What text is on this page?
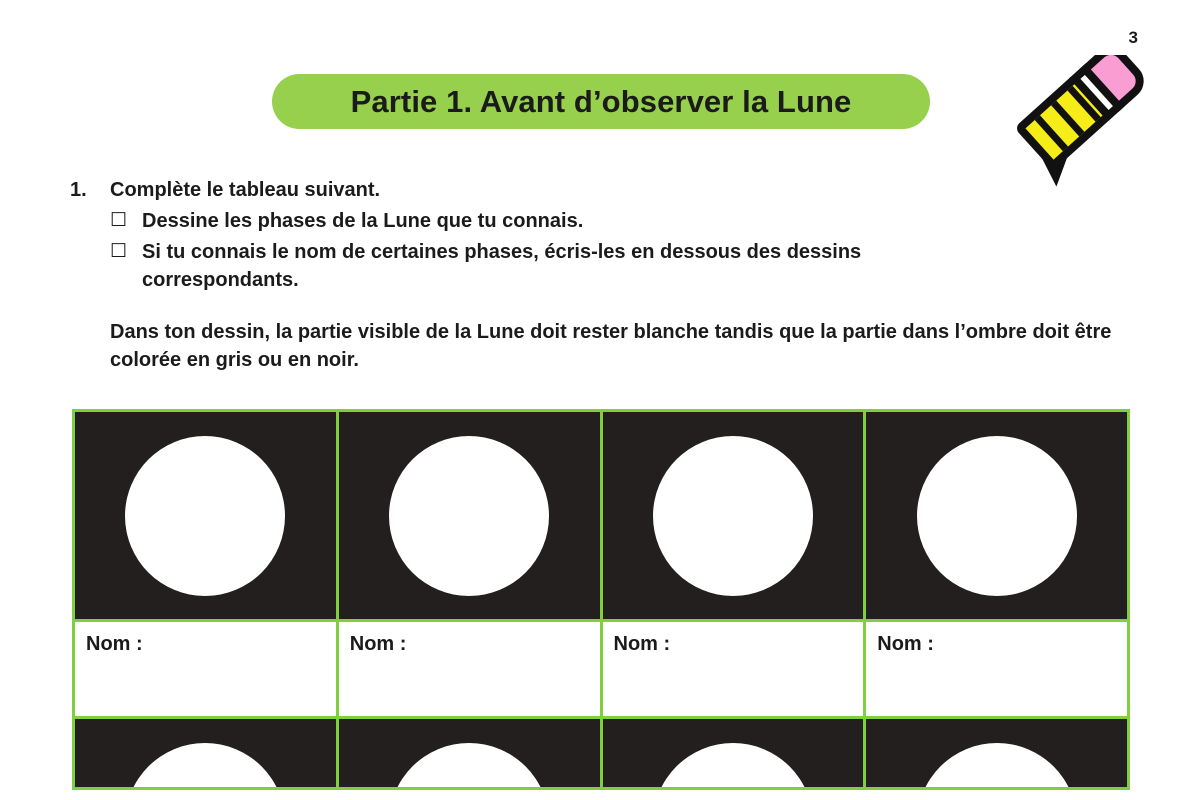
3
Partie 1. Avant d’observer la Lune
1.	Complète le tableau suivant.
☐ Dessine les phases de la Lune que tu connais.
☐ Si tu connais le nom de certaines phases, écris-les en dessous des dessins correspondants.
Dans ton dessin, la partie visible de la Lune doit rester blanche tandis que la partie dans l’ombre doit être colorée en gris ou en noir.

Nom :	Nom :	Nom :	Nom :
